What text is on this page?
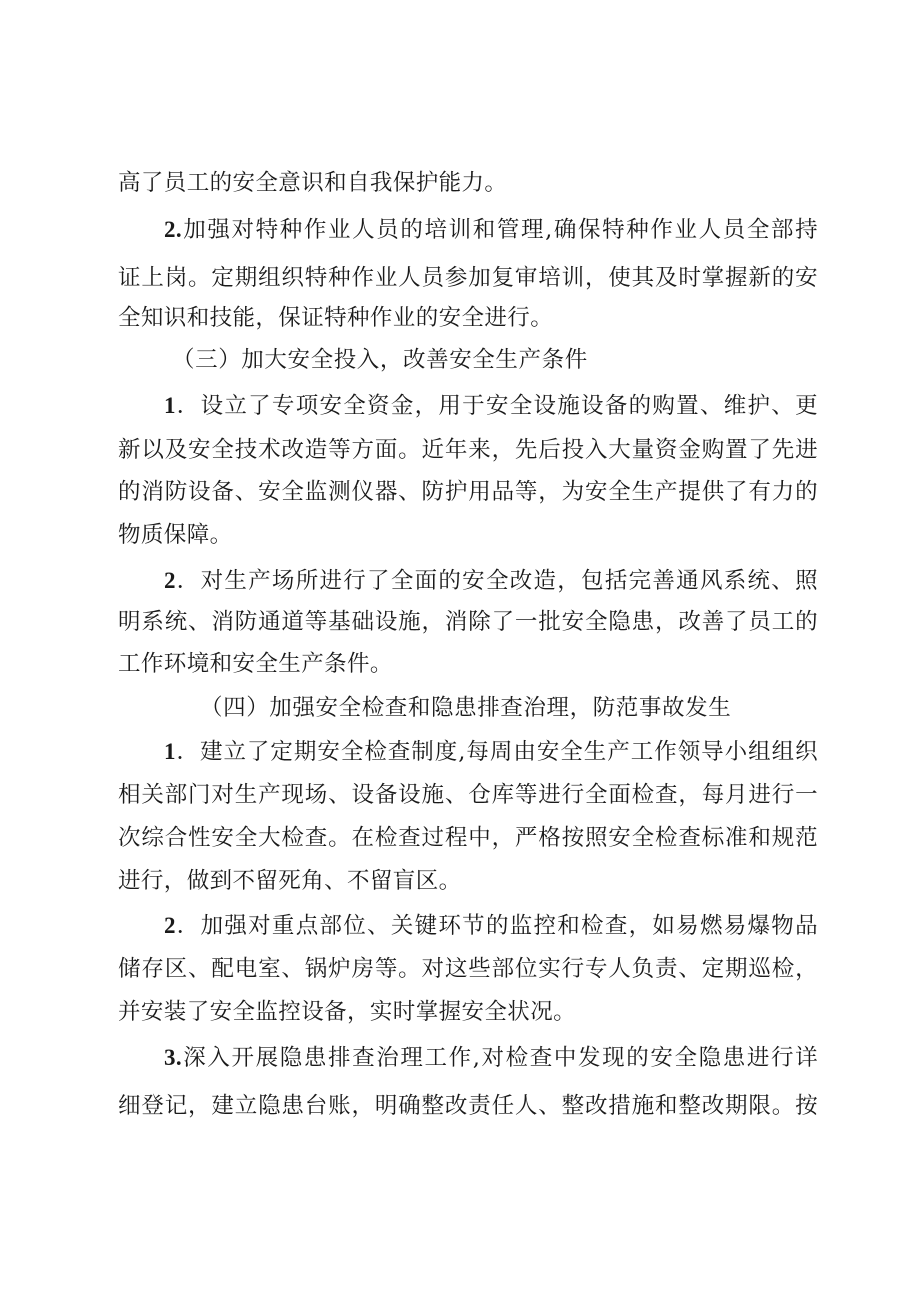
高了员工的安全意识和自我保护能力。
2.加强对特种作业人员的培训和管理,确保特种作业人员全部持
证上岗。定期组织特种作业人员参加复审培训，使其及时掌握新的安
全知识和技能，保证特种作业的安全进行。
（三）加大安全投入，改善安全生产条件
1．设立了专项安全资金，用于安全设施设备的购置、维护、更
新以及安全技术改造等方面。近年来，先后投入大量资金购置了先进
的消防设备、安全监测仪器、防护用品等，为安全生产提供了有力的
物质保障。
2．对生产场所进行了全面的安全改造，包括完善通风系统、照
明系统、消防通道等基础设施，消除了一批安全隐患，改善了员工的
工作环境和安全生产条件。
（四）加强安全检查和隐患排查治理，防范事故发生
1．建立了定期安全检查制度,每周由安全生产工作领导小组组织
相关部门对生产现场、设备设施、仓库等进行全面检查，每月进行一
次综合性安全大检查。在检查过程中，严格按照安全检查标准和规范
进行，做到不留死角、不留盲区。
2．加强对重点部位、关键环节的监控和检查，如易燃易爆物品
储存区、配电室、锅炉房等。对这些部位实行专人负责、定期巡检，
并安装了安全监控设备，实时掌握安全状况。
3.深入开展隐患排查治理工作,对检查中发现的安全隐患进行详
细登记，建立隐患台账，明确整改责任人、整改措施和整改期限。按
